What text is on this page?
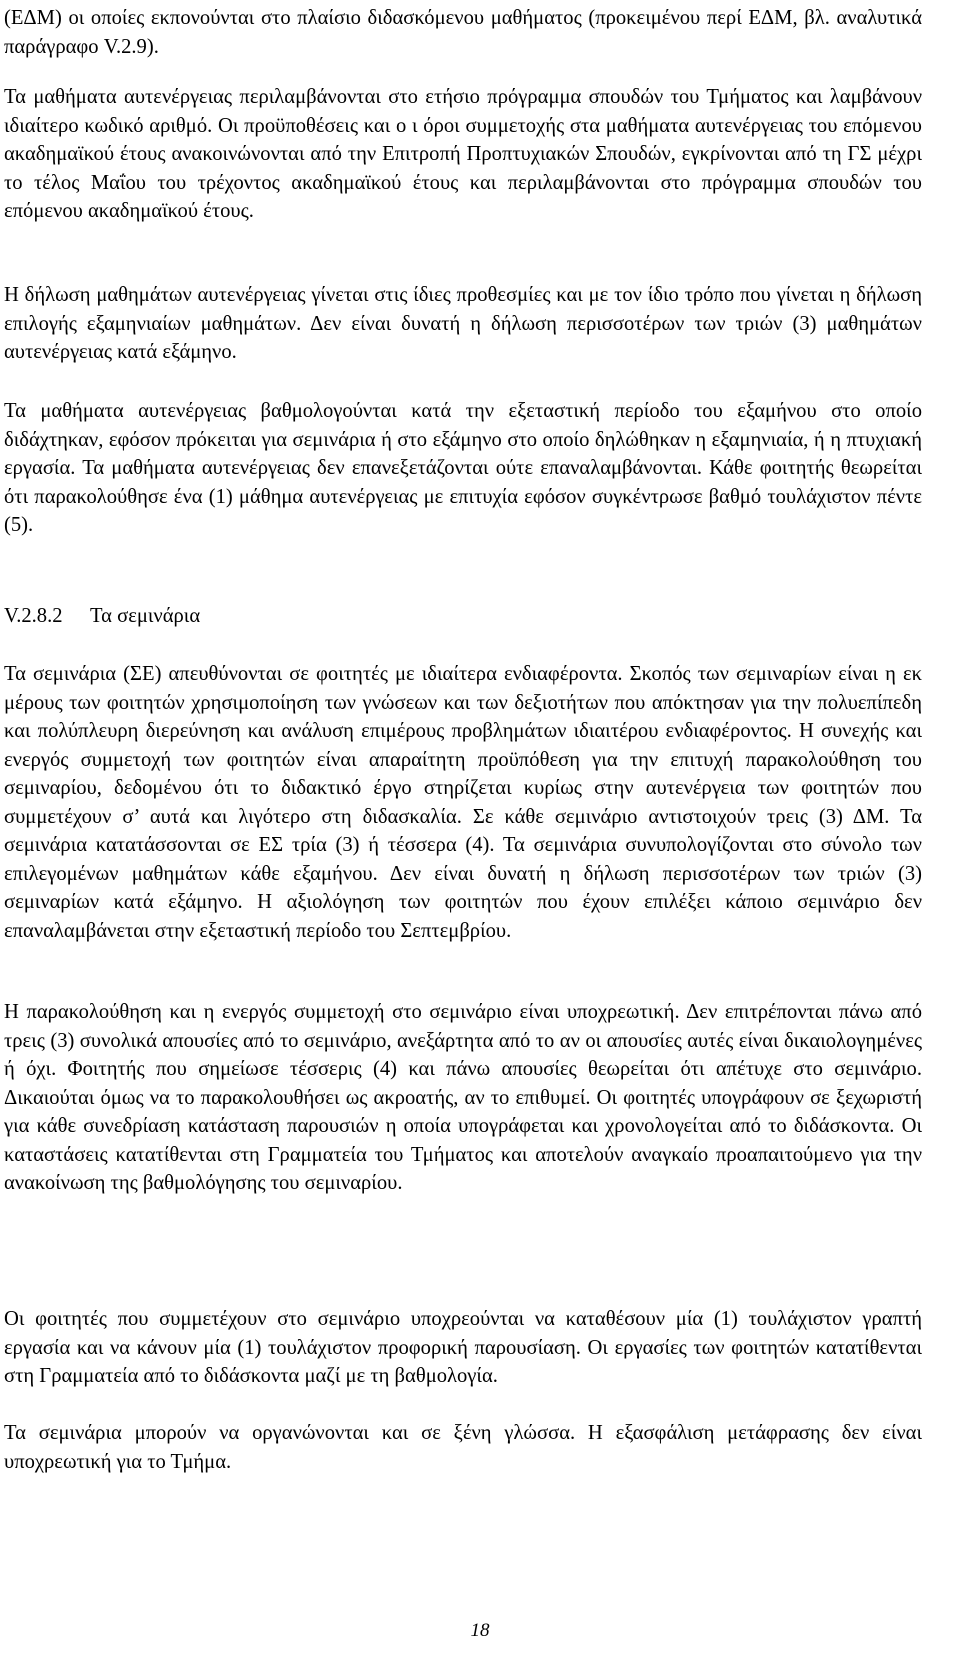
(ΕΔΜ) οι οποίες εκπονούνται στο πλαίσιο διδασκόμενου μαθήματος (προκειμένου περί ΕΔΜ, βλ. αναλυτικά παράγραφο V.2.9).

Τα μαθήματα αυτενέργειας περιλαμβάνονται στο ετήσιο πρόγραμμα σπουδών του Τμήματος και λαμβάνουν ιδιαίτερο κωδικό αριθμό. Οι προϋποθέσεις και ο ι όροι συμμετοχής στα μαθήματα αυτενέργειας του επόμενου ακαδημαϊκού έτους ανακοινώνονται από την Επιτροπή Προπτυχιακών Σπουδών, εγκρίνονται από τη ΓΣ μέχρι το τέλος Μαΐου του τρέχοντος ακαδημαϊκού έτους και περιλαμβάνονται στο πρόγραμμα σπουδών του επόμενου ακαδημαϊκού έτους.

Η δήλωση μαθημάτων αυτενέργειας γίνεται στις ίδιες προθεσμίες και με τον ίδιο τρόπο που γίνεται η δήλωση επιλογής εξαμηνιαίων μαθημάτων. Δεν είναι δυνατή η δήλωση περισσοτέρων των τριών (3) μαθημάτων αυτενέργειας κατά εξάμηνο.

Τα μαθήματα αυτενέργειας βαθμολογούνται κατά την εξεταστική περίοδο του εξαμήνου στο οποίο διδάχτηκαν, εφόσον πρόκειται για σεμινάρια ή στο εξάμηνο στο οποίο δηλώθηκαν η εξαμηνιαία, ή η πτυχιακή εργασία. Τα μαθήματα αυτενέργειας δεν επανεξετάζονται ούτε επαναλαμβάνονται. Κάθε φοιτητής θεωρείται ότι παρακολούθησε ένα (1) μάθημα αυτενέργειας με επιτυχία εφόσον συγκέντρωσε βαθμό τουλάχιστον πέντε (5).

V.2.8.2 Τα σεμινάρια

Τα σεμινάρια (ΣΕ) απευθύνονται σε φοιτητές με ιδιαίτερα ενδιαφέροντα. Σκοπός των σεμιναρίων είναι η εκ μέρους των φοιτητών χρησιμοποίηση των γνώσεων και των δεξιοτήτων που απόκτησαν για την πολυεπίπεδη και πολύπλευρη διερεύνηση και ανάλυση επιμέρους προβλημάτων ιδιαιτέρου ενδιαφέροντος. Η συνεχής και ενεργός συμμετοχή των φοιτητών είναι απαραίτητη προϋπόθεση για την επιτυχή παρακολούθηση του σεμιναρίου, δεδομένου ότι το διδακτικό έργο στηρίζεται κυρίως στην αυτενέργεια των φοιτητών που συμμετέχουν σ’ αυτά και λιγότερο στη διδασκαλία. Σε κάθε σεμινάριο αντιστοιχούν τρεις (3) ΔΜ. Τα σεμινάρια κατατάσσονται σε ΕΣ τρία (3) ή τέσσερα (4). Τα σεμινάρια συνυπολογίζονται στο σύνολο των επιλεγομένων μαθημάτων κάθε εξαμήνου. Δεν είναι δυνατή η δήλωση περισσοτέρων των τριών (3) σεμιναρίων κατά εξάμηνο. Η αξιολόγηση των φοιτητών που έχουν επιλέξει κάποιο σεμινάριο δεν επαναλαμβάνεται στην εξεταστική περίοδο του Σεπτεμβρίου.

Η παρακολούθηση και η ενεργός συμμετοχή στο σεμινάριο είναι υποχρεωτική. Δεν επιτρέπονται πάνω από τρεις (3) συνολικά απουσίες από το σεμινάριο, ανεξάρτητα από το αν οι απουσίες αυτές είναι δικαιολογημένες ή όχι. Φοιτητής που σημείωσε τέσσερις (4) και πάνω απουσίες θεωρείται ότι απέτυχε στο σεμινάριο. Δικαιούται όμως να το παρακολουθήσει ως ακροατής, αν το επιθυμεί. Οι φοιτητές υπογράφουν σε ξεχωριστή για κάθε συνεδρίαση κατάσταση παρουσιών η οποία υπογράφεται και χρονολογείται από το διδάσκοντα. Οι καταστάσεις κατατίθενται στη Γραμματεία του Τμήματος και αποτελούν αναγκαίο προαπαιτούμενο για την ανακοίνωση της βαθμολόγησης του σεμιναρίου.

Οι φοιτητές που συμμετέχουν στο σεμινάριο υποχρεούνται να καταθέσουν μία (1) τουλάχιστον γραπτή εργασία και να κάνουν μία (1) τουλάχιστον προφορική παρουσίαση. Οι εργασίες των φοιτητών κατατίθενται στη Γραμματεία από το διδάσκοντα μαζί με τη βαθμολογία.

Τα σεμινάρια μπορούν να οργανώνονται και σε ξένη γλώσσα. Η εξασφάλιση μετάφρασης δεν είναι υποχρεωτική για το Τμήμα.

18
